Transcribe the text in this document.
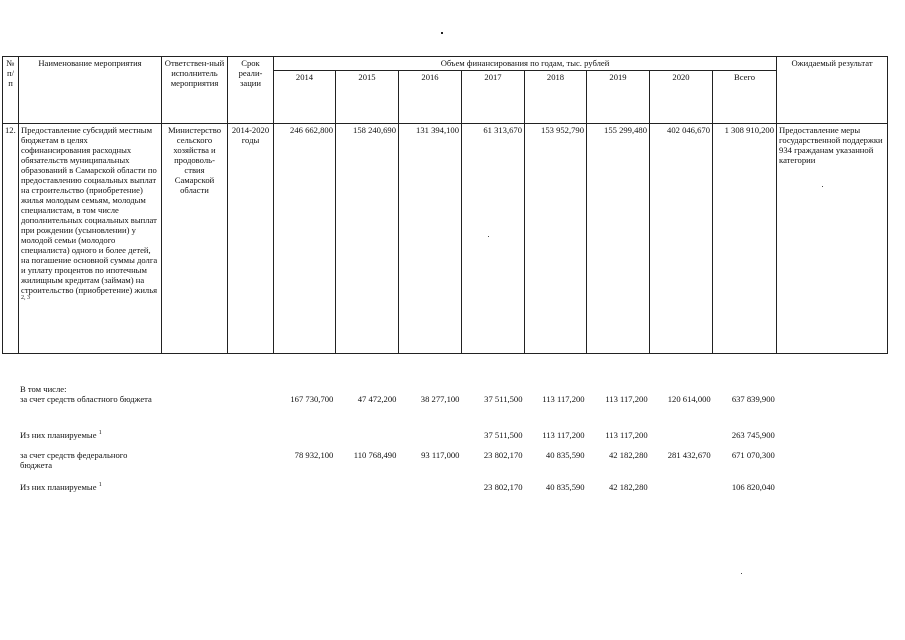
№ п/п	Наименование мероприятия	Ответствен-ный исполнитель мероприятия	Срок реали-зации	Объем финансирования по годам, тыс. рублей								Ожидаемый результат
				2014	2015	2016	2017	2018	2019	2020	Всего	
12.	Предоставление субсидий местным бюджетам в целях софинансирования расходных обязательств муниципальных образований в Самарской области по предоставлению социальных выплат на строительство (приобретение) жилья молодым семьям, молодым специалистам, в том числе дополнительных социальных выплат при рождении (усыновлении) у молодой семьи (молодого специалиста) одного и более детей, на погашение основной суммы долга и уплату процентов по ипотечным жилищным кредитам (займам) на строительство (приобретение) жилья $^{2, 3}$	Министерство сельского хозяйства и продоволь-ствия Самарской области	2014-2020 годы	246 662,800	158 240,690	131 394,100	61 313,670	153 952,790	155 299,480	402 046,670	1 308 910,200	Предоставление меры государственной поддержки 934 гражданам указанной категории
	В том числе:											
	за счет средств областного бюджета			167 730,700	47 472,200	38 277,100	37 511,500	113 117,200	113 117,200	120 614,000	637 839,900	
	Из них планируемые $^1$						37 511,500	113 117,200	113 117,200		263 745,900	
	за счет средств федерального бюджета			78 932,100	110 768,490	93 117,000	23 802,170	40 835,590	42 182,280	281 432,670	671 070,300	
	Из них планируемые $^1$						23 802,170	40 835,590	42 182,280		106 820,040	
